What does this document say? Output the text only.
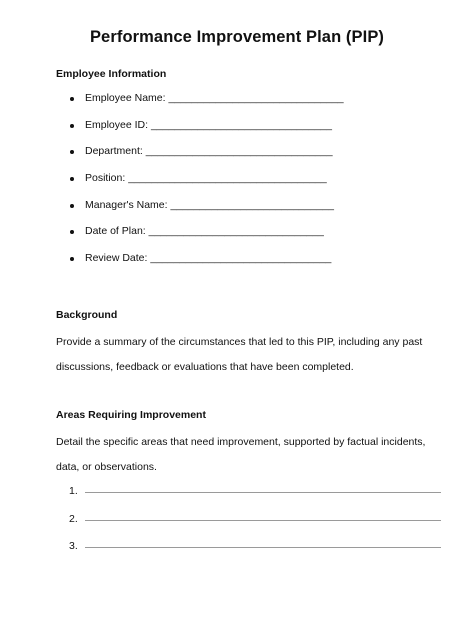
Performance Improvement Plan (PIP)
Employee Information
Employee Name: ______________________________
Employee ID: _______________________________
Department: ________________________________
Position: __________________________________
Manager's Name: ____________________________
Date of Plan: ______________________________
Review Date: _______________________________
Background
Provide a summary of the circumstances that led to this PIP, including any past discussions, feedback or evaluations that have been completed.
Areas Requiring Improvement
Detail the specific areas that need improvement, supported by factual incidents, data, or observations.
1.
2.
3.
